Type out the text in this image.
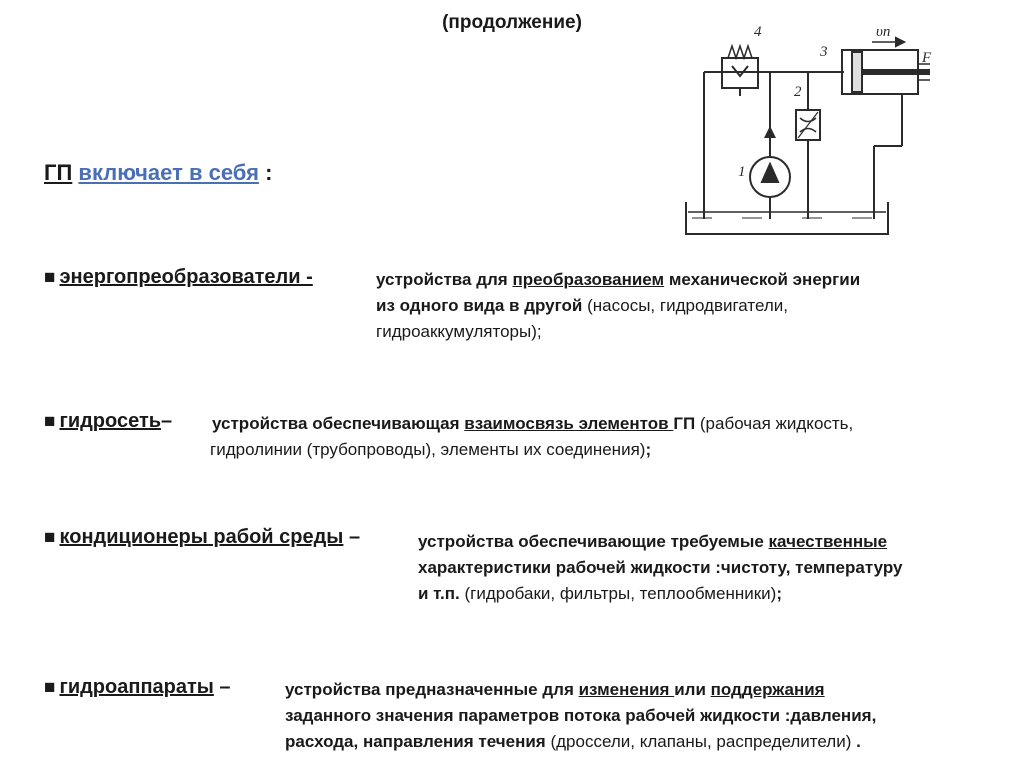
(продолжение)
ГП включает в себя :
4
3
2
1
υп
F
■ энергопреобразователи -	устройства для преобразованием механической энергии
из одного вида в другой (насосы, гидродвигатели,
гидроаккумуляторы);
■ гидросеть– устройства обеспечивающая взаимосвязь элементов ГП (рабочая жидкость,
гидролинии (трубопроводы), элементы их соединения);
■ кондиционеры рабой среды –	устройства обеспечивающие требуемые качественные
характеристики рабочей жидкости :чистоту, температуру
и т.п. (гидробаки, фильтры, теплообменники);
■ гидроаппараты –	устройства предназначенные для изменения или поддержания
заданного значения параметров потока рабочей жидкости :давления,
расхода, направления течения (дроссели, клапаны, распределители) .
